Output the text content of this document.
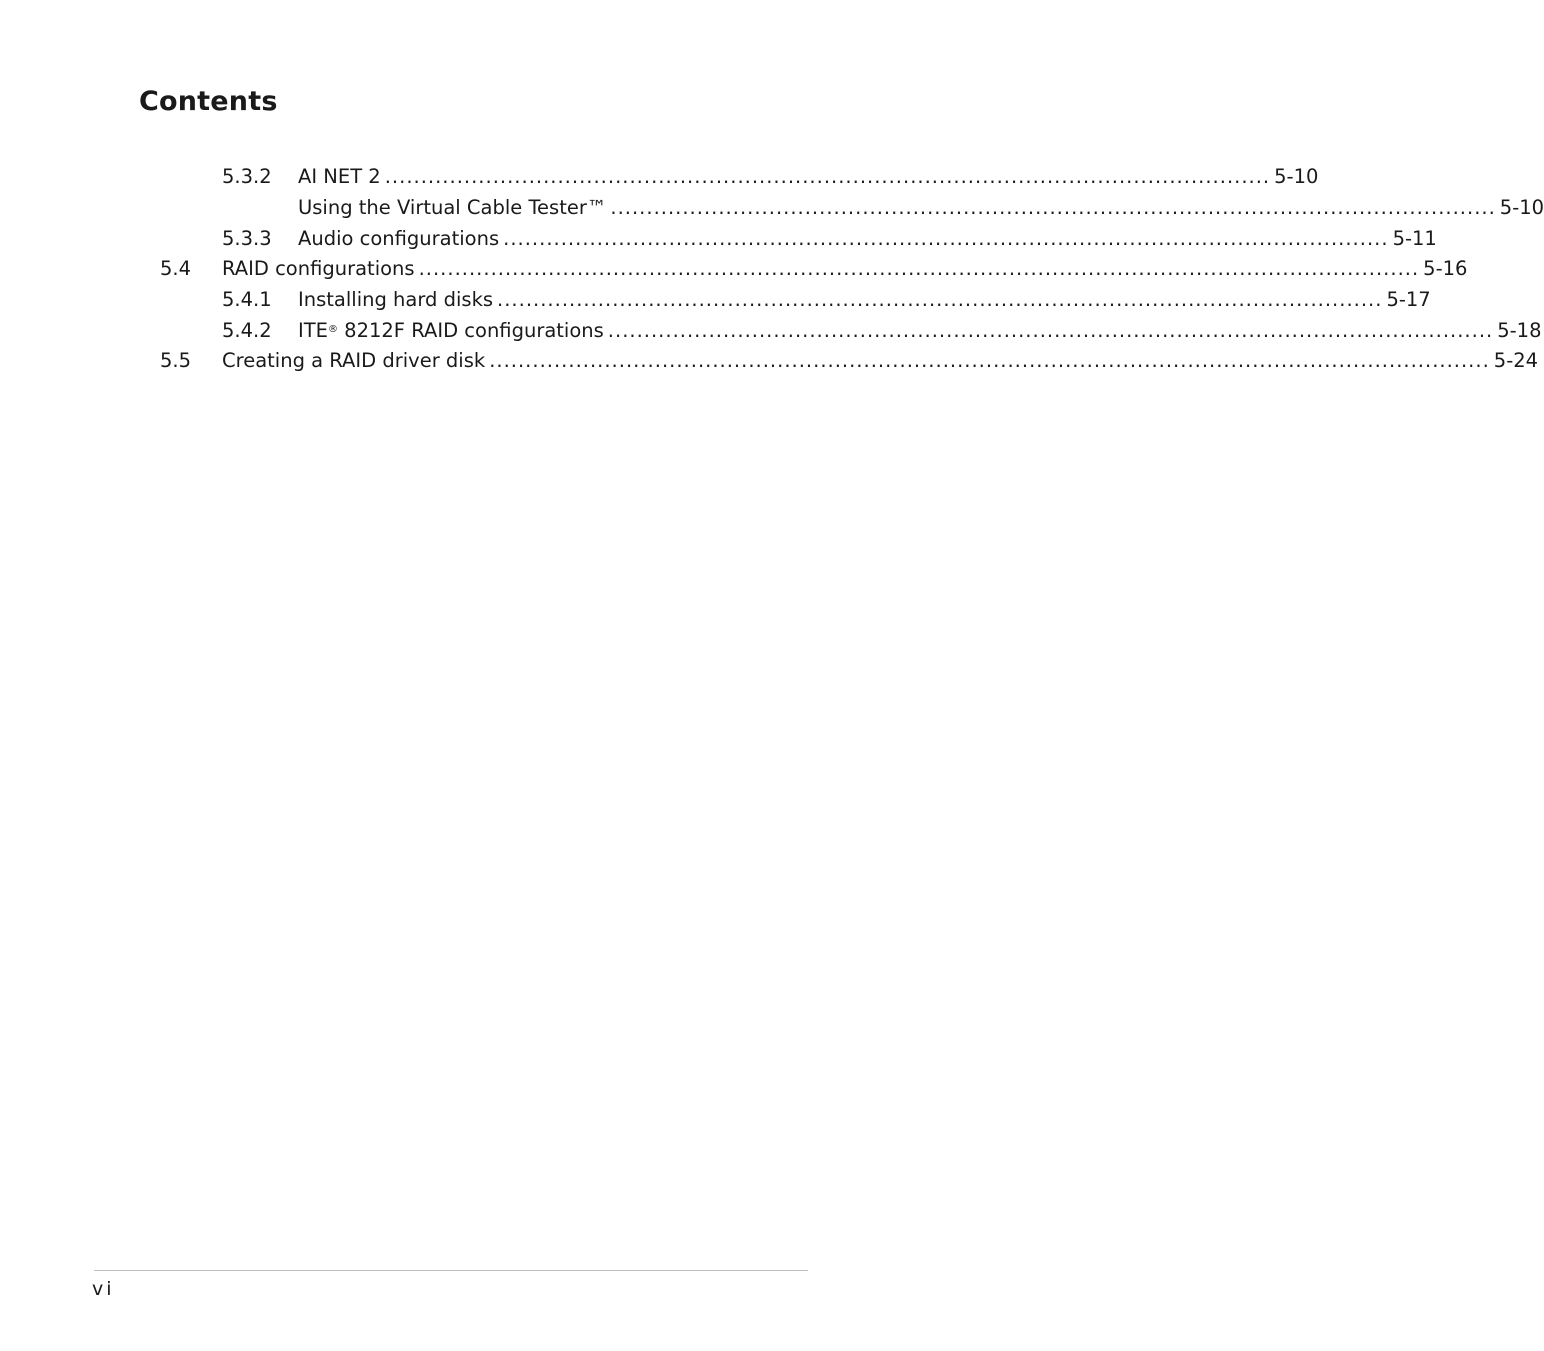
Contents
5.3.2 AI NET 2 ........................................................................................................................... 5-10
Using the Virtual Cable Tester™ ........................................................................................................................... 5-10
5.3.3 Audio configurations ........................................................................................................................... 5-11
5.4 RAID configurations ........................................................................................................................................... 5-16
5.4.1 Installing hard disks ........................................................................................................................... 5-17
5.4.2 ITE® 8212F RAID configurations ........................................................................................................................... 5-18
5.5 Creating a RAID driver disk ........................................................................................................................................... 5-24
vi
